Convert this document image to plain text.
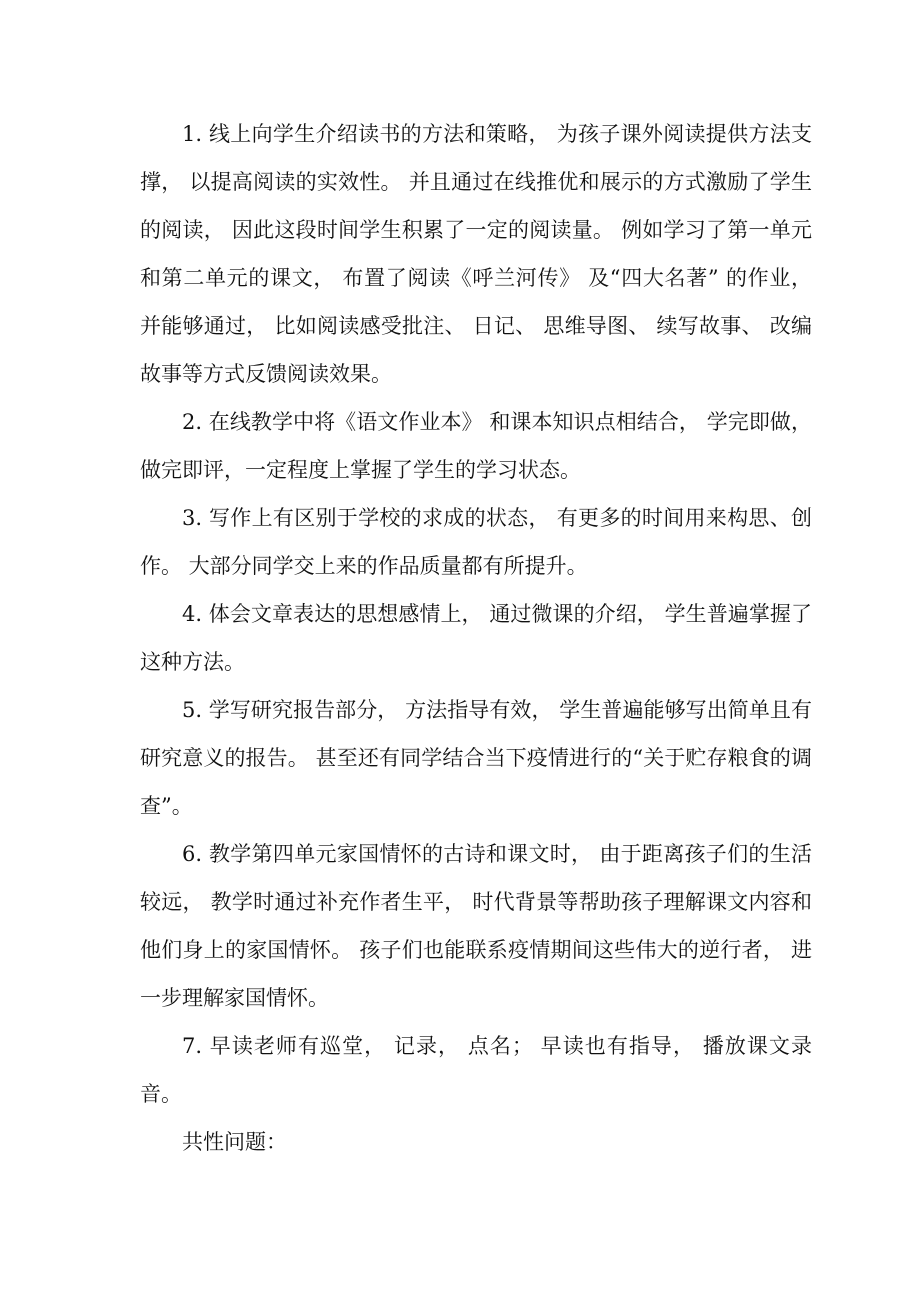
1. 线上向学生介绍读书的方法和策略， 为孩子课外阅读提供方法支撑， 以提高阅读的实效性。 并且通过在线推优和展示的方式激励了学生的阅读， 因此这段时间学生积累了一定的阅读量。 例如学习了第一单元和第二单元的课文， 布置了阅读《呼兰河传》 及“四大名著” 的作业， 并能够通过， 比如阅读感受批注、 日记、 思维导图、 续写故事、 改编故事等方式反馈阅读效果。

2. 在线教学中将《语文作业本》 和课本知识点相结合， 学完即做， 做完即评，一定程度上掌握了学生的学习状态。

3. 写作上有区别于学校的求成的状态， 有更多的时间用来构思、创作。 大部分同学交上来的作品质量都有所提升。

4. 体会文章表达的思想感情上， 通过微课的介绍， 学生普遍掌握了这种方法。

5. 学写研究报告部分， 方法指导有效， 学生普遍能够写出简单且有研究意义的报告。 甚至还有同学结合当下疫情进行的“关于贮存粮食的调查”。

6. 教学第四单元家国情怀的古诗和课文时， 由于距离孩子们的生活较远， 教学时通过补充作者生平， 时代背景等帮助孩子理解课文内容和他们身上的家国情怀。 孩子们也能联系疫情期间这些伟大的逆行者， 进一步理解家国情怀。

7. 早读老师有巡堂， 记录， 点名； 早读也有指导， 播放课文录音。

共性问题：
